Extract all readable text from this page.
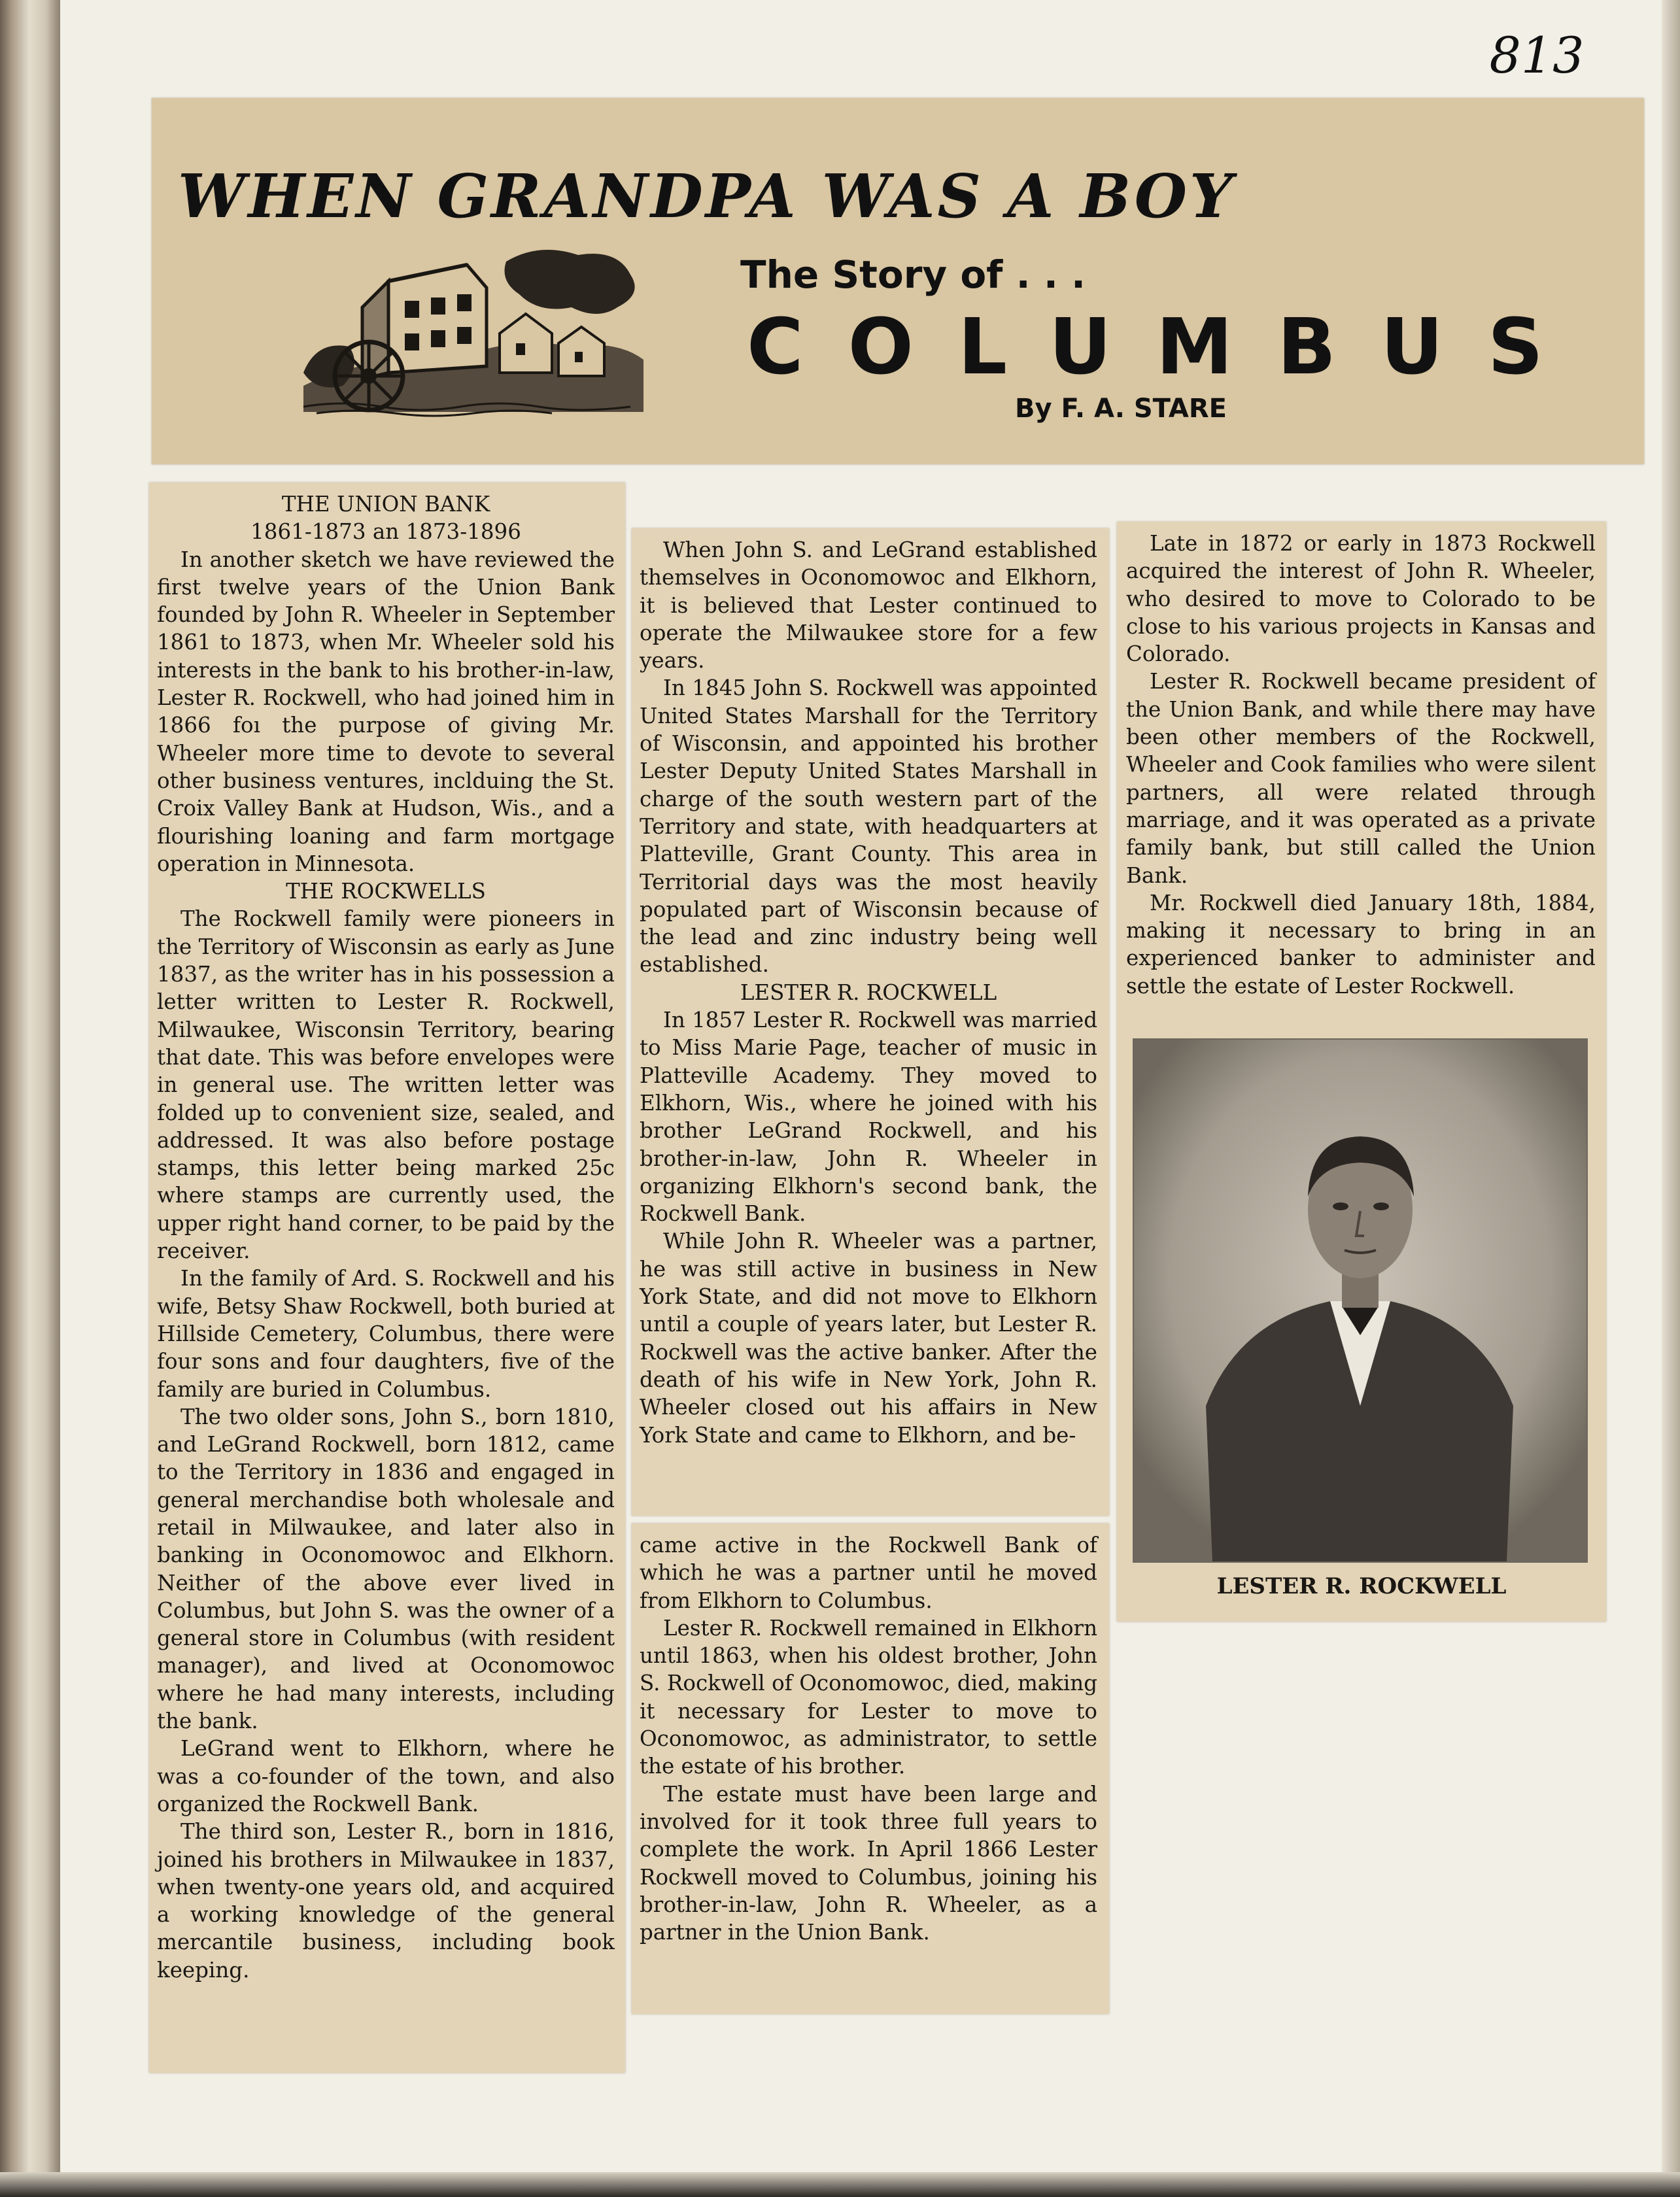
813
WHEN GRANDPA WAS A BOY
The Story of . . .
COLUMBUS
By F. A. STARE

THE UNION BANK

1861-1873 an 1873-1896

In another sketch we have reviewed the first twelve years of the Union Bank founded by John R. Wheeler in September 1861 to 1873, when Mr. Wheeler sold his interests in the bank to his brother-in-law, Lester R. Rockwell, who had joined him in 1866 foı the purpose of giving Mr. Wheeler more time to devote to several other business ventures, inclduing the St. Croix Valley Bank at Hudson, Wis., and a flourishing loaning and farm mortgage operation in Minnesota.

THE ROCKWELLS

The Rockwell family were pioneers in the Territory of Wisconsin as early as June 1837, as the writer has in his possession a letter written to Lester R. Rockwell, Milwaukee, Wisconsin Territory, bearing that date. This was before envelopes were in general use. The written letter was folded up to convenient size, sealed, and addressed. It was also before postage stamps, this letter being marked 25c where stamps are currently used, the upper right hand corner, to be paid by the receiver.

In the family of Ard. S. Rockwell and his wife, Betsy Shaw Rockwell, both buried at Hillside Cemetery, Columbus, there were four sons and four daughters, five of the family are buried in Columbus.

The two older sons, John S., born 1810, and LeGrand Rockwell, born 1812, came to the Territory in 1836 and engaged in general merchandise both wholesale and retail in Milwaukee, and later also in banking in Oconomowoc and Elkhorn. Neither of the above ever lived in Columbus, but John S. was the owner of a general store in Columbus (with resident manager), and lived at Oconomowoc where he had many interests, including the bank.

LeGrand went to Elkhorn, where he was a co-founder of the town, and also organized the Rockwell Bank.

The third son, Lester R., born in 1816, joined his brothers in Milwaukee in 1837, when twenty-one years old, and acquired a working knowledge of the general mercantile business, including book keeping.

When John S. and LeGrand established themselves in Oconomowoc and Elkhorn, it is believed that Lester continued to operate the Milwaukee store for a few years.

In 1845 John S. Rockwell was appointed United States Marshall for the Territory of Wisconsin, and appointed his brother Lester Deputy United States Marshall in charge of the south western part of the Territory and state, with headquarters at Platteville, Grant County. This area in Territorial days was the most heavily populated part of Wisconsin because of the lead and zinc industry being well established.

LESTER R. ROCKWELL

In 1857 Lester R. Rockwell was married to Miss Marie Page, teacher of music in Platteville Academy. They moved to Elkhorn, Wis., where he joined with his brother LeGrand Rockwell, and his brother-in-law, John R. Wheeler in organizing Elkhorn's second bank, the Rockwell Bank.

While John R. Wheeler was a partner, he was still active in business in New York State, and did not move to Elkhorn until a couple of years later, but Lester R. Rockwell was the active banker. After the death of his wife in New York, John R. Wheeler closed out his affairs in New York State and came to Elkhorn, and be-

came active in the Rockwell Bank of which he was a partner until he moved from Elkhorn to Columbus.

Lester R. Rockwell remained in Elkhorn until 1863, when his oldest brother, John S. Rockwell of Oconomowoc, died, making it necessary for Lester to move to Oconomowoc, as administrator, to settle the estate of his brother.

The estate must have been large and involved for it took three full years to complete the work. In April 1866 Lester Rockwell moved to Columbus, joining his brother-in-law, John R. Wheeler, as a partner in the Union Bank.

Late in 1872 or early in 1873 Rockwell acquired the interest of John R. Wheeler, who desired to move to Colorado to be close to his various projects in Kansas and Colorado.

Lester R. Rockwell became president of the Union Bank, and while there may have been other members of the Rockwell, Wheeler and Cook families who were silent partners, all were related through marriage, and it was operated as a private family bank, but still called the Union Bank.

Mr. Rockwell died January 18th, 1884, making it necessary to bring in an experienced banker to administer and settle the estate of Lester Rockwell.

LESTER R. ROCKWELL
